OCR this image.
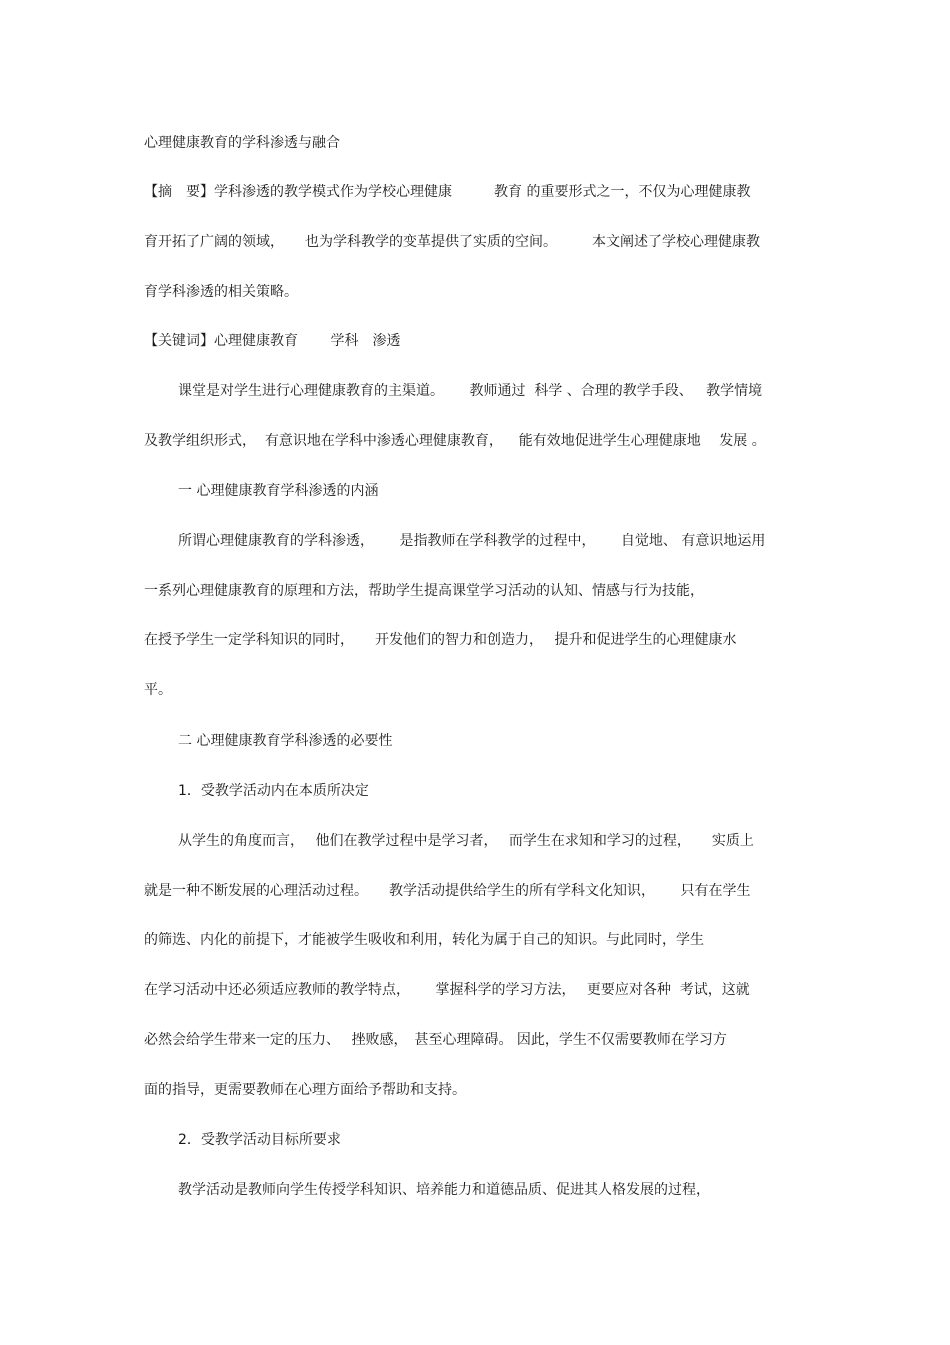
心理健康教育的学科渗透与融合
【摘　要】学科渗透的教学模式作为学校心理健康　　　教育 的重要形式之一，不仅为心理健康教
育开拓了广阔的领域，　　也为学科教学的变革提供了实质的空间。　　　本文阐述了学校心理健康教
育学科渗透的相关策略。
【关键词】心理健康教育　　 学科　渗透
课堂是对学生进行心理健康教育的主渠道。　　 教师通过  科学 、合理的教学手段、   教学情境
及教学组织形式，  有意识地在学科中渗透心理健康教育，　  能有效地促进学生心理健康地　 发展 。
一 心理健康教育学科渗透的内涵
所谓心理健康教育的学科渗透，　　 是指教师在学科教学的过程中，　　 自觉地、 有意识地运用
一系列心理健康教育的原理和方法，帮助学生提高课堂学习活动的认知、情感与行为技能，
在授予学生一定学科知识的同时，　　开发他们的智力和创造力，　 提升和促进学生的心理健康水
平。
二 心理健康教育学科渗透的必要性
1．受教学活动内在本质所决定
从学生的角度而言，　 他们在教学过程中是学习者，　 而学生在求知和学习的过程，　　实质上
就是一种不断发展的心理活动过程。　　教学活动提供给学生的所有学科文化知识，　　 只有在学生
的筛选、内化的前提下，才能被学生吸收和利用，转化为属于自己的知识。与此同时，学生
在学习活动中还必须适应教师的教学特点，　　 掌握科学的学习方法，　 更要应对各种  考试，这就
必然会给学生带来一定的压力、　 挫败感，　甚至心理障碍。 因此，学生不仅需要教师在学习方
面的指导，更需要教师在心理方面给予帮助和支持。
2．受教学活动目标所要求
教学活动是教师向学生传授学科知识、培养能力和道德品质、促进其人格发展的过程，
